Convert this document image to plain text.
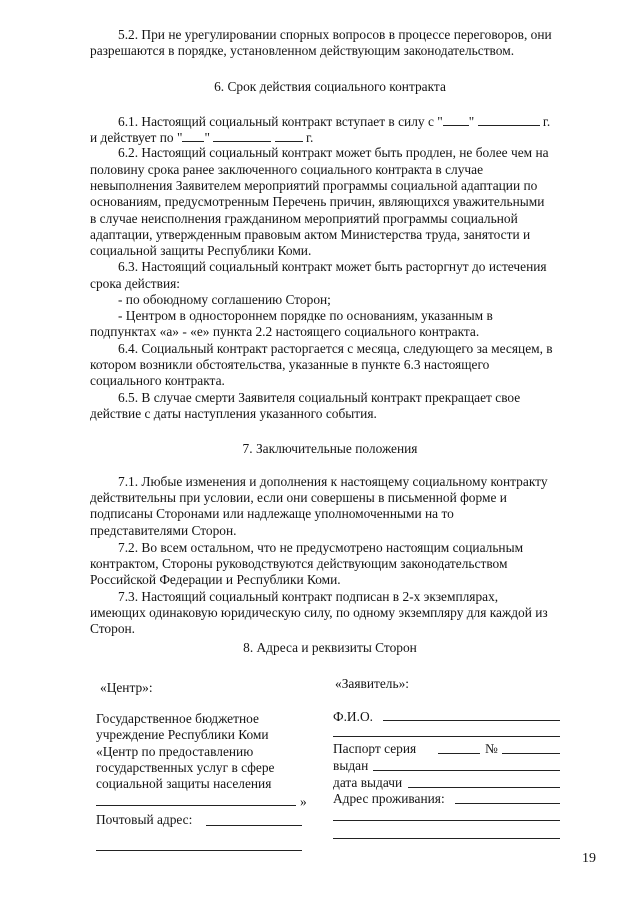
5.2. При не урегулировании спорных вопросов в процессе переговоров, они
разрешаются в порядке, установленном действующим законодательством.
6. Срок действия социального контракта
6.1. Настоящий социальный контракт вступает в силу с " "	г.
и действует по " "	г.
6.2. Настоящий социальный контракт может быть продлен, не более чем на
половину срока ранее заключенного социального контракта в случае
невыполнения Заявителем мероприятий программы социальной адаптации по
основаниям, предусмотренным Перечень причин, являющихся уважительными
в случае неисполнения гражданином мероприятий программы социальной
адаптации, утвержденным правовым актом Министерства труда, занятости и
социальной защиты Республики Коми.
6.3. Настоящий социальный контракт может быть расторгнут до истечения
срока действия:
- по обоюдному соглашению Сторон;
- Центром в одностороннем порядке по основаниям, указанным в
подпунктах «а» - «е» пункта 2.2 настоящего социального контракта.
6.4. Социальный контракт расторгается с месяца, следующего за месяцем, в
котором возникли обстоятельства, указанные в пункте 6.3 настоящего
социального контракта.
6.5. В случае смерти Заявителя социальный контракт прекращает свое
действие с даты наступления указанного события.
7. Заключительные положения
7.1. Любые изменения и дополнения к настоящему социальному контракту
действительны при условии, если они совершены в письменной форме и
подписаны Сторонами или надлежаще уполномоченными на то
представителями Сторон.
7.2. Во всем остальном, что не предусмотрено настоящим социальным
контрактом, Стороны руководствуются действующим законодательством
Российской Федерации и Республики Коми.
7.3. Настоящий социальный контракт подписан в 2-х экземплярах,
имеющих одинаковую юридическую силу, по одному экземпляру для каждой из
Сторон.
8. Адреса и реквизиты Сторон
«Центр»:
Государственное бюджетное
учреждение Республики Коми
«Центр по предоставлению
государственных услуг в сфере
социальной защиты населения
»
Почтовый адрес:
«Заявитель»:
Ф.И.О.
Паспорт серия	№
выдан
дата выдачи
Адрес проживания:
19
